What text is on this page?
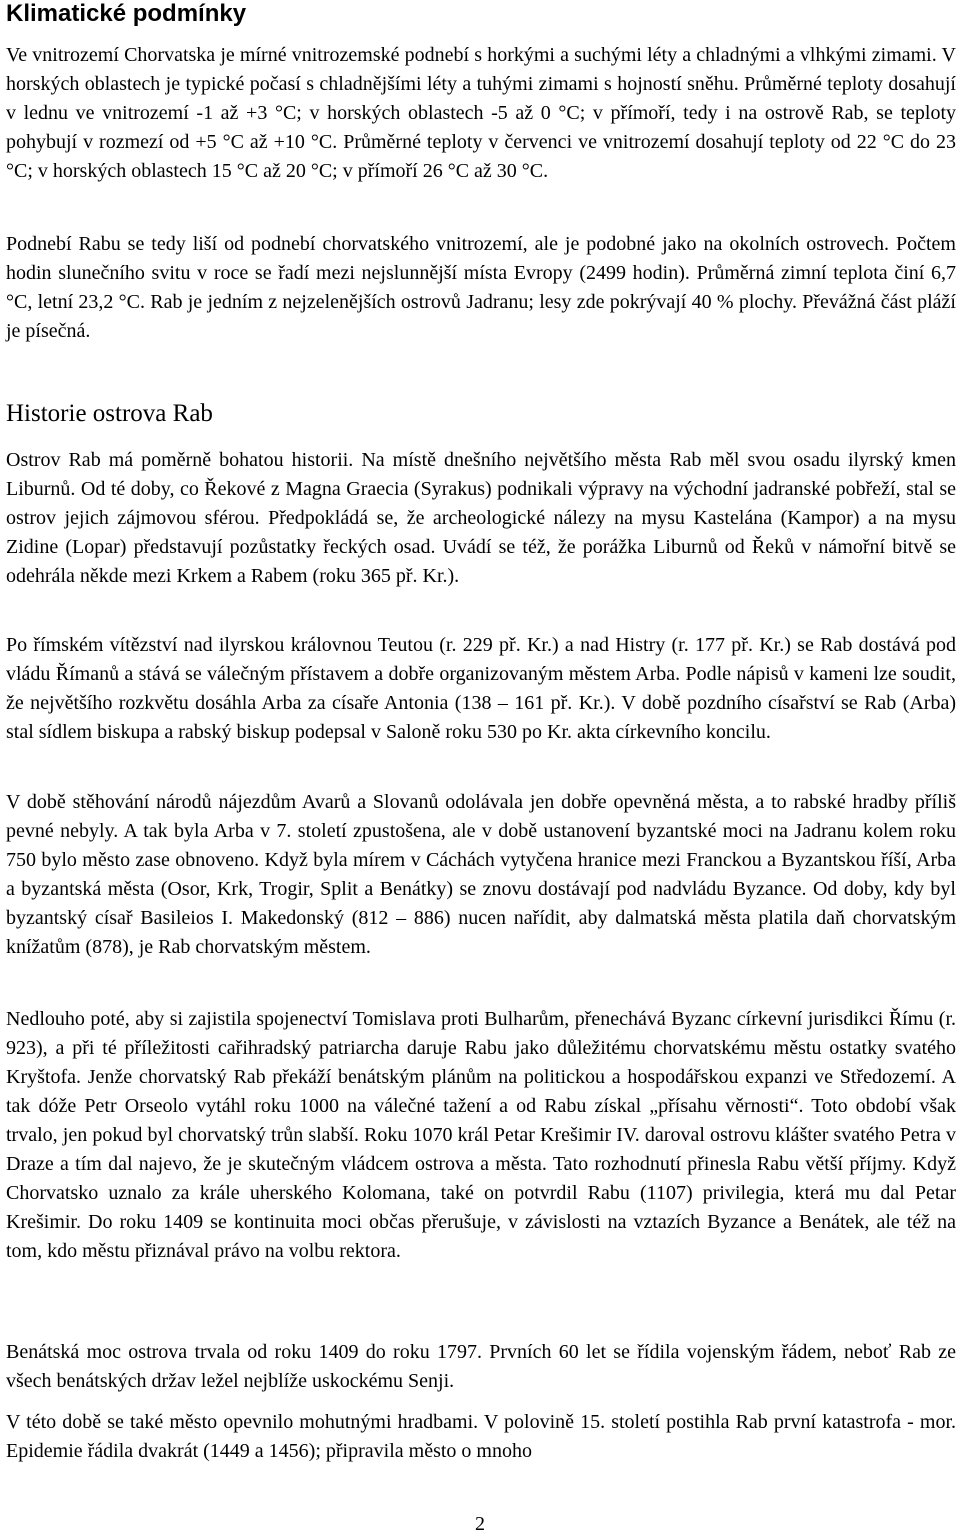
Klimatické podmínky

Ve vnitrozemí Chorvatska je mírné vnitrozemské podnebí s horkými a suchými léty a chladnými a vlhkými zimami. V horských oblastech je typické počasí s chladnějšími léty a tuhými zimami s hojností sněhu. Průměrné teploty dosahují v lednu ve vnitrozemí -1 až +3 °C; v horských oblastech -5 až 0 °C; v přímoří, tedy i na ostrově Rab, se teploty pohybují v rozmezí od +5 °C až +10 °C. Průměrné teploty v červenci ve vnitrozemí dosahují teploty od 22 °C do 23 °C; v horských oblastech 15 °C až 20 °C; v přímoří 26 °C až 30 °C.

Podnebí Rabu se tedy liší od podnebí chorvatského vnitrozemí, ale je podobné jako na okolních ostrovech. Počtem hodin slunečního svitu v roce se řadí mezi nejslunnější místa Evropy (2499 hodin). Průměrná zimní teplota činí 6,7 °C, letní 23,2 °C. Rab je jedním z nejzelenějších ostrovů Jadranu; lesy zde pokrývají 40 % plochy. Převážná část pláží je písečná.

Historie ostrova Rab

Ostrov Rab má poměrně bohatou historii. Na místě dnešního největšího města Rab měl svou osadu ilyrský kmen Liburnů. Od té doby, co Řekové z Magna Graecia (Syrakus) podnikali výpravy na východní jadranské pobřeží, stal se ostrov jejich zájmovou sférou. Předpokládá se, že archeologické nálezy na mysu Kastelána (Kampor) a na mysu Zidine (Lopar) představují pozůstatky řeckých osad. Uvádí se též, že porážka Liburnů od Řeků v námořní bitvě se odehrála někde mezi Krkem a Rabem (roku 365 př. Kr.).

Po římském vítězství nad ilyrskou královnou Teutou (r. 229 př. Kr.) a nad Histry (r. 177 př. Kr.) se Rab dostává pod vládu Římanů a stává se válečným přístavem a dobře organizovaným městem Arba. Podle nápisů v kameni lze soudit, že největšího rozkvětu dosáhla Arba za císaře Antonia (138 – 161 př. Kr.). V době pozdního císařství se Rab (Arba) stal sídlem biskupa a rabský biskup podepsal v Saloně roku 530 po Kr. akta církevního koncilu.

V době stěhování národů nájezdům Avarů a Slovanů odolávala jen dobře opevněná města, a to rabské hradby příliš pevné nebyly. A tak byla Arba v 7. století zpustošena, ale v době ustanovení byzantské moci na Jadranu kolem roku 750 bylo město zase obnoveno. Když byla mírem v Cáchách vytyčena hranice mezi Franckou a Byzantskou říší, Arba a byzantská města (Osor, Krk, Trogir, Split a Benátky) se znovu dostávají pod nadvládu Byzance. Od doby, kdy byl byzantský císař Basileios I. Makedonský (812 – 886) nucen nařídit, aby dalmatská města platila daň chorvatským knížatům (878), je Rab chorvatským městem.

Nedlouho poté, aby si zajistila spojenectví Tomislava proti Bulharům, přenechává Byzanc církevní jurisdikci Římu (r. 923), a při té příležitosti cařihradský patriarcha daruje Rabu jako důležitému chorvatskému městu ostatky svatého Kryštofa. Jenže chorvatský Rab překáží benátským plánům na politickou a hospodářskou expanzi ve Středozemí. A tak dóže Petr Orseolo vytáhl roku 1000 na válečné tažení a od Rabu získal „přísahu věrnosti“. Toto období však trvalo, jen pokud byl chorvatský trůn slabší. Roku 1070 král Petar Krešimir IV. daroval ostrovu klášter svatého Petra v Draze a tím dal najevo, že je skutečným vládcem ostrova a města. Tato rozhodnutí přinesla Rabu větší příjmy. Když Chorvatsko uznalo za krále uherského Kolomana, také on potvrdil Rabu (1107) privilegia, která mu dal Petar Krešimir. Do roku 1409 se kontinuita moci občas přerušuje, v závislosti na vztazích Byzance a Benátek, ale též na tom, kdo městu přiznával právo na volbu rektora.

Benátská moc ostrova trvala od roku 1409 do roku 1797. Prvních 60 let se řídila vojenským řádem, neboť Rab ze všech benátských držav ležel nejblíže uskockému Senji.

V této době se také město opevnilo mohutnými hradbami. V polovině 15. století postihla Rab první katastrofa - mor. Epidemie řádila dvakrát (1449 a 1456); připravila město o mnoho

2
